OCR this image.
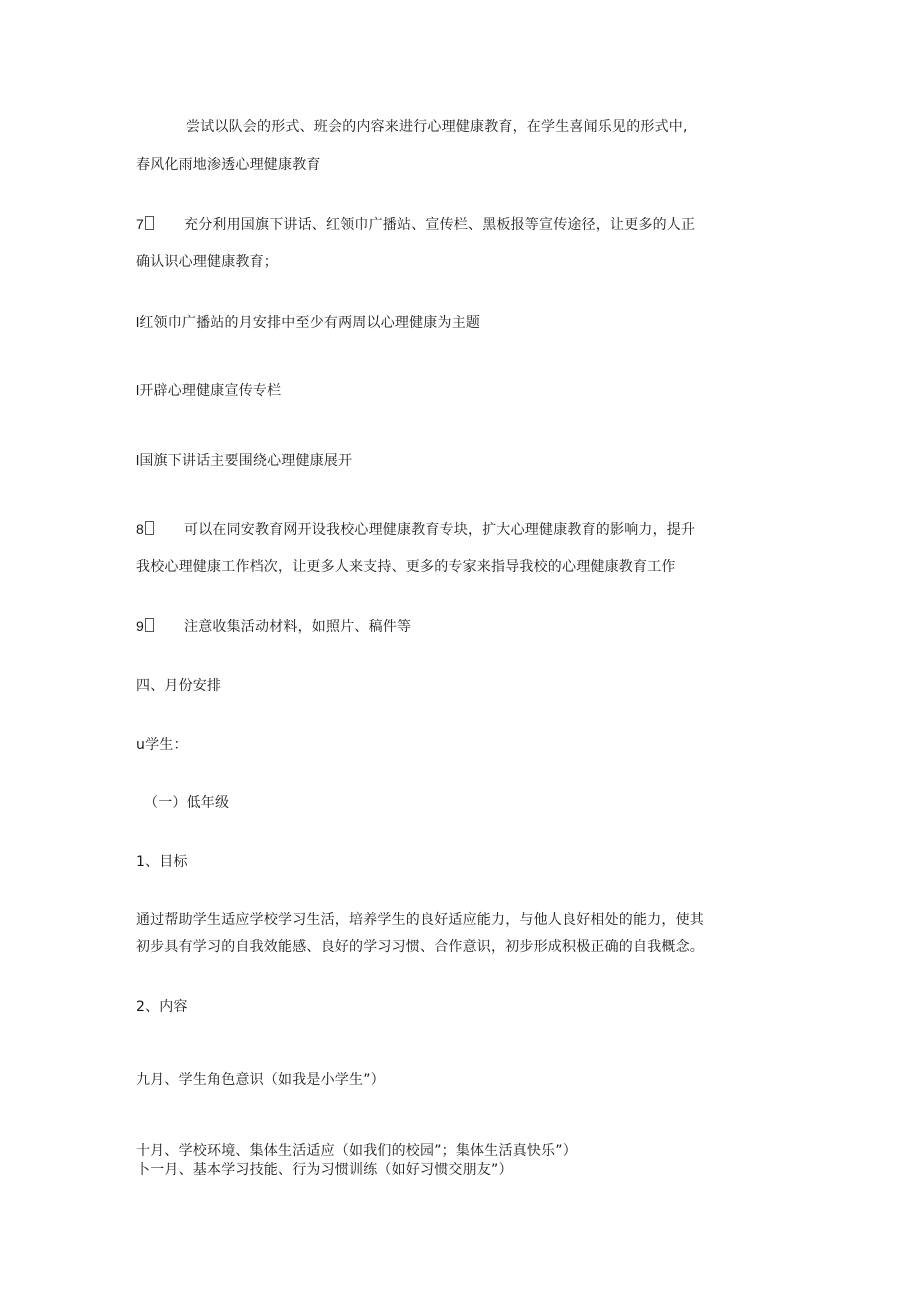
尝试以队会的形式、班会的内容来进行心理健康教育，在学生喜闻乐见的形式中,
春风化雨地渗透心理健康教育
7	充分利用国旗下讲话、红领巾广播站、宣传栏、黑板报等宣传途径，让更多的人正
确认识心理健康教育；
l红领巾广播站的月安排中至少有两周以心理健康为主题
l开辟心理健康宣传专栏
l国旗下讲话主要围绕心理健康展开
8	可以在同安教育网开设我校心理健康教育专块，扩大心理健康教育的影响力，提升
我校心理健康工作档次，让更多人来支持、更多的专家来指导我校的心理健康教育工作
9	注意收集活动材料，如照片、稿件等
四、月份安排
u学生：
（一）低年级
1、目标
通过帮助学生适应学校学习生活，培养学生的良好适应能力，与他人良好相处的能力，使其
初步具有学习的自我效能感、良好的学习习惯、合作意识，初步形成积极正确的自我概念。
2、内容
九月、学生角色意识（如我是小学生”）
十月、学校环境、集体生活适应（如我们的校园”；集体生活真快乐”）
卜一月、基本学习技能、行为习惯训练（如好习惯交朋友”）
